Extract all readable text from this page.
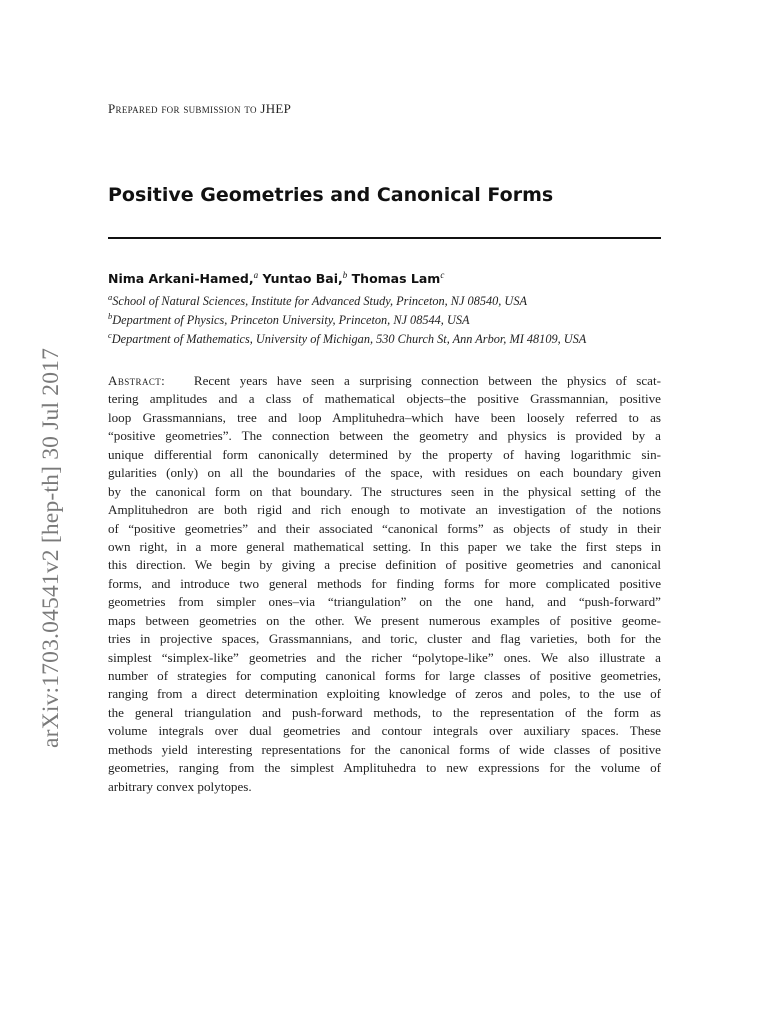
Prepared for submission to JHEP
Positive Geometries and Canonical Forms
Nima Arkani-Hamed,$^a$ Yuntao Bai,$^b$ Thomas Lam$^c$
$^a$School of Natural Sciences, Institute for Advanced Study, Princeton, NJ 08540, USA
$^b$Department of Physics, Princeton University, Princeton, NJ 08544, USA
$^c$Department of Mathematics, University of Michigan, 530 Church St, Ann Arbor, MI 48109, USA
Abstract: Recent years have seen a surprising connection between the physics of scat-
tering amplitudes and a class of mathematical objects–the positive Grassmannian, positive
loop Grassmannians, tree and loop Amplituhedra–which have been loosely referred to as
“positive geometries”. The connection between the geometry and physics is provided by a
unique differential form canonically determined by the property of having logarithmic sin-
gularities (only) on all the boundaries of the space, with residues on each boundary given
by the canonical form on that boundary. The structures seen in the physical setting of the
Amplituhedron are both rigid and rich enough to motivate an investigation of the notions
of “positive geometries” and their associated “canonical forms” as objects of study in their
own right, in a more general mathematical setting. In this paper we take the first steps in
this direction. We begin by giving a precise definition of positive geometries and canonical
forms, and introduce two general methods for finding forms for more complicated positive
geometries from simpler ones–via “triangulation” on the one hand, and “push-forward”
maps between geometries on the other. We present numerous examples of positive geome-
tries in projective spaces, Grassmannians, and toric, cluster and flag varieties, both for the
simplest “simplex-like” geometries and the richer “polytope-like” ones. We also illustrate a
number of strategies for computing canonical forms for large classes of positive geometries,
ranging from a direct determination exploiting knowledge of zeros and poles, to the use of
the general triangulation and push-forward methods, to the representation of the form as
volume integrals over dual geometries and contour integrals over auxiliary spaces. These
methods yield interesting representations for the canonical forms of wide classes of positive
geometries, ranging from the simplest Amplituhedra to new expressions for the volume of
arbitrary convex polytopes.
arXiv:1703.04541v2 [hep-th] 30 Jul 2017
